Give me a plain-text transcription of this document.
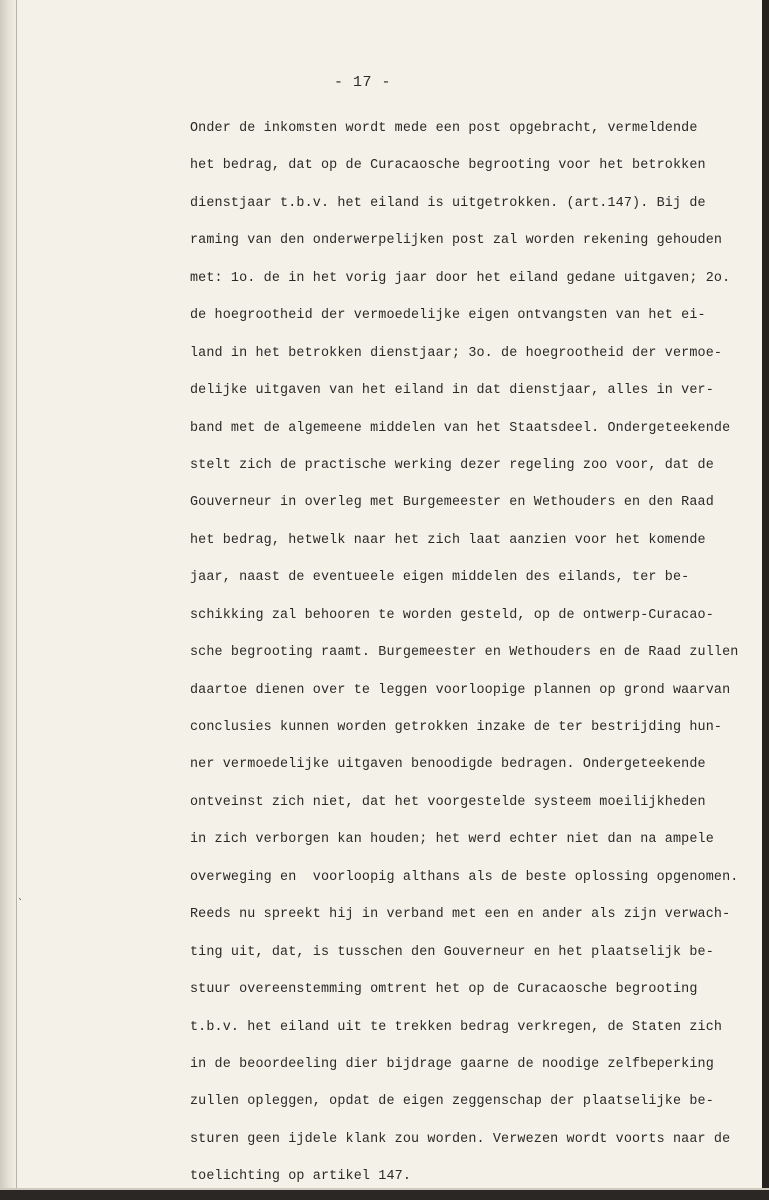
`
- 17 -
Onder de inkomsten wordt mede een post opgebracht, vermeldende
het bedrag, dat op de Curacaosche begrooting voor het betrokken
dienstjaar t.b.v. het eiland is uitgetrokken. (art.147). Bij de
raming van den onderwerpelijken post zal worden rekening gehouden
met: 1o. de in het vorig jaar door het eiland gedane uitgaven; 2o.
de hoegrootheid der vermoedelijke eigen ontvangsten van het ei-
land in het betrokken dienstjaar; 3o. de hoegrootheid der vermoe-
delijke uitgaven van het eiland in dat dienstjaar, alles in ver-
band met de algemeene middelen van het Staatsdeel. Ondergeteekende
stelt zich de practische werking dezer regeling zoo voor, dat de
Gouverneur in overleg met Burgemeester en Wethouders en den Raad
het bedrag, hetwelk naar het zich laat aanzien voor het komende
jaar, naast de eventueele eigen middelen des eilands, ter be-
schikking zal behooren te worden gesteld, op de ontwerp-Curacao-
sche begrooting raamt. Burgemeester en Wethouders en de Raad zullen
daartoe dienen over te leggen voorloopige plannen op grond waarvan
conclusies kunnen worden getrokken inzake de ter bestrijding hun-
ner vermoedelijke uitgaven benoodigde bedragen. Ondergeteekende
ontveinst zich niet, dat het voorgestelde systeem moeilijkheden
in zich verborgen kan houden; het werd echter niet dan na ampele
overweging en  voorloopig althans als de beste oplossing opgenomen.
Reeds nu spreekt hij in verband met een en ander als zijn verwach-
ting uit, dat, is tusschen den Gouverneur en het plaatselijk be-
stuur overeenstemming omtrent het op de Curacaosche begrooting
t.b.v. het eiland uit te trekken bedrag verkregen, de Staten zich
in de beoordeeling dier bijdrage gaarne de noodige zelfbeperking
zullen opleggen, opdat de eigen zeggenschap der plaatselijke be-
sturen geen ijdele klank zou worden. Verwezen wordt voorts naar de
toelichting op artikel 147.
